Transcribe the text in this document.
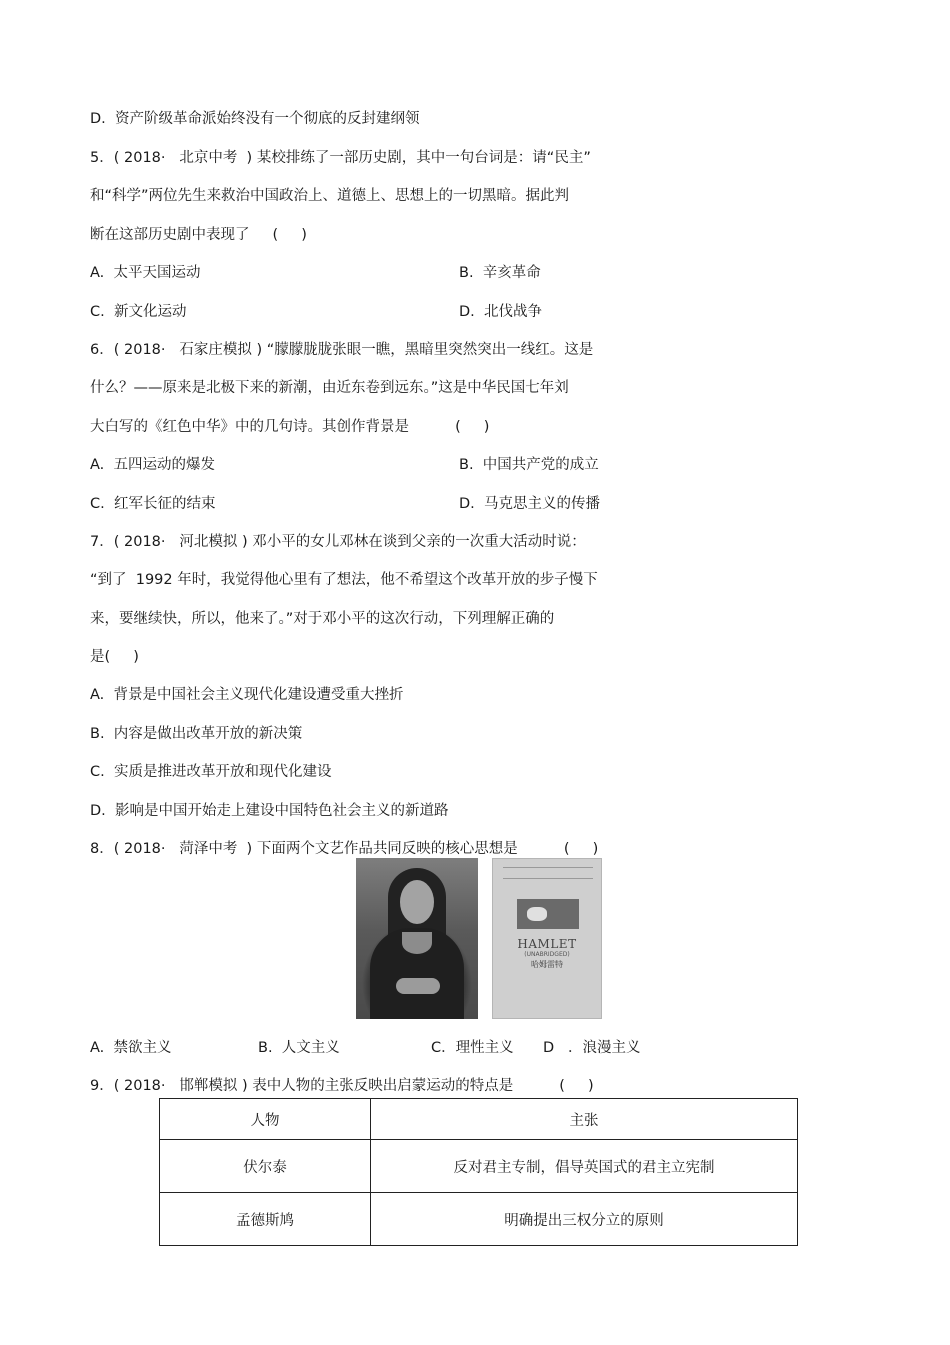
D.  资产阶级革命派始终没有一个彻底的反封建纲领
5．( 2018·   北京中考  ) 某校排练了一部历史剧，其中一句台词是：请“民主”
和“科学”两位先生来救治中国政治上、道德上、思想上的一切黑暗。据此判
断在这部历史剧中表现了     (     )
A.  太平天国运动	B.  辛亥革命
C.  新文化运动	D.  北伐战争
6．( 2018·   石家庄模拟 ) “朦朦胧胧张眼一瞧，黑暗里突然突出一线红。这是
什么？——原来是北极下来的新潮，由近东卷到远东。”这是中华民国七年刘
大白写的《红色中华》中的几句诗。其创作背景是          (     )
A.  五四运动的爆发	B.  中国共产党的成立
C.  红军长征的结束	D.  马克思主义的传播
7．( 2018·   河北模拟 ) 邓小平的女儿邓林在谈到父亲的一次重大活动时说：
“到了  1992 年时，我觉得他心里有了想法，他不希望这个改革开放的步子慢下
来，要继续快，所以，他来了。”对于邓小平的这次行动，下列理解正确的
是(     )
A.  背景是中国社会主义现代化建设遭受重大挫折
B.  内容是做出改革开放的新决策
C.  实质是推进改革开放和现代化建设
D.  影响是中国开始走上建设中国特色社会主义的新道路
8．( 2018·   菏泽中考  ) 下面两个文艺作品共同反映的核心思想是          (     )
HAMLET
(UNABRIDGED)
哈姆雷特
A.  禁欲主义	B.  人文主义	C．理性主义 D   ．浪漫主义
9．( 2018·   邯郸模拟 ) 表中人物的主张反映出启蒙运动的特点是          (     )
人物	主张
伏尔泰	反对君主专制，倡导英国式的君主立宪制
孟德斯鸠	明确提出三权分立的原则
